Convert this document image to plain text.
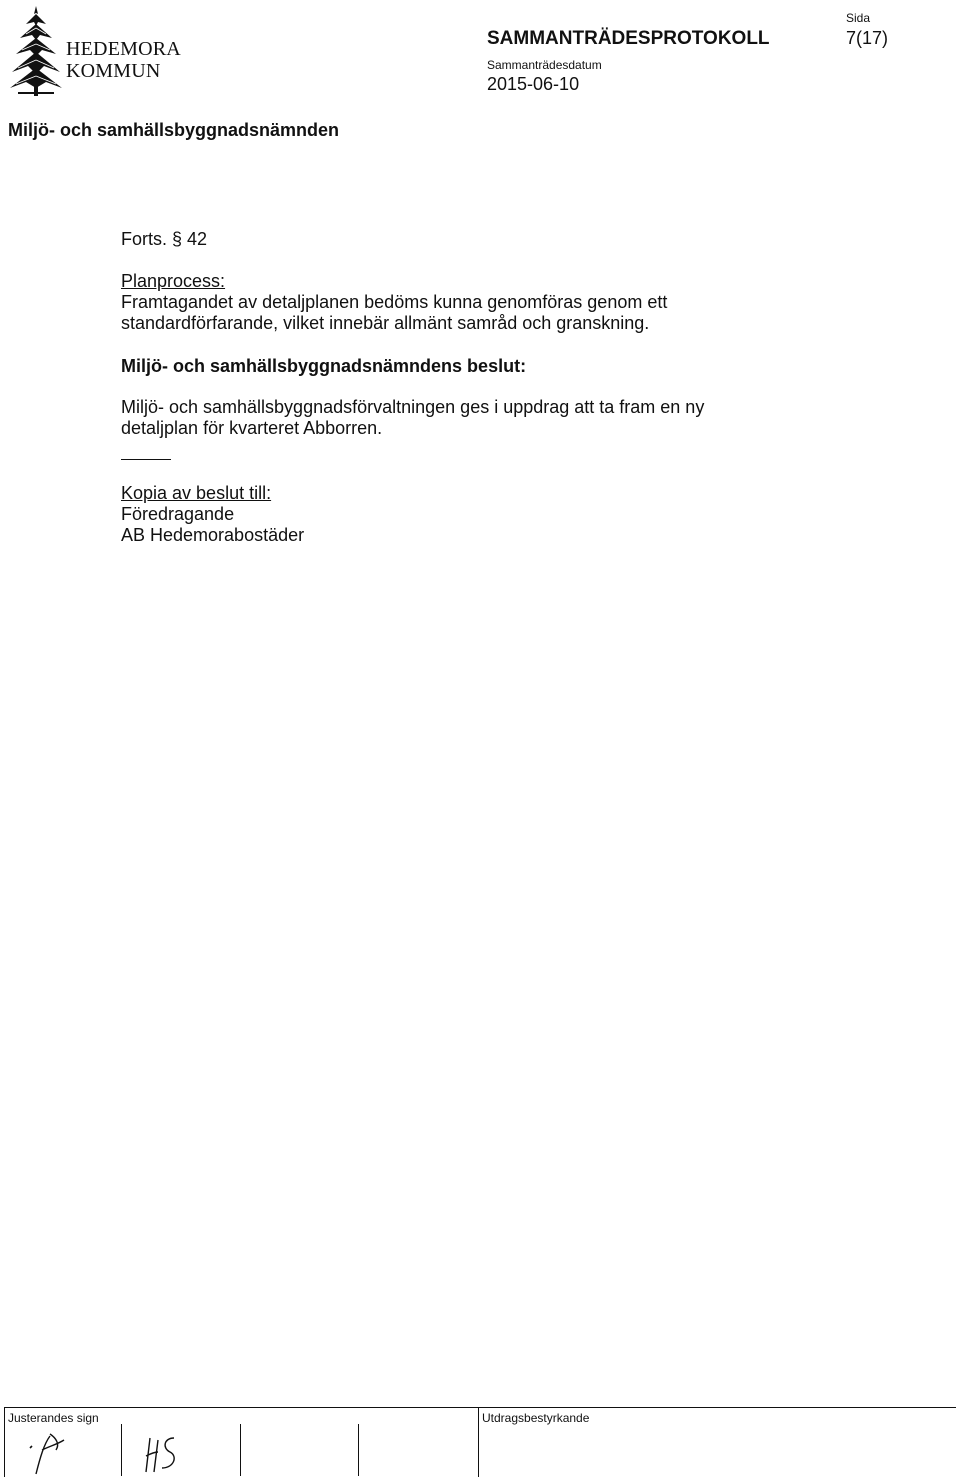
HEDEMORA
KOMMUN
SAMMANTRÄDESPROTOKOLL
Sammanträdesdatum
2015-06-10
Sida
7(17)
Miljö- och samhällsbyggnadsnämnden
Forts. § 42
Planprocess:
Framtagandet av detaljplanen bedöms kunna genomföras genom ett
standardförfarande, vilket innebär allmänt samråd och granskning.
Miljö- och samhällsbyggnadsnämndens beslut:
Miljö- och samhällsbyggnadsförvaltningen ges i uppdrag att ta fram en ny
detaljplan för kvarteret Abborren.
Kopia av beslut till:
Föredragande
AB Hedemorabostäder
Justerandes sign	Utdragsbestyrkande
